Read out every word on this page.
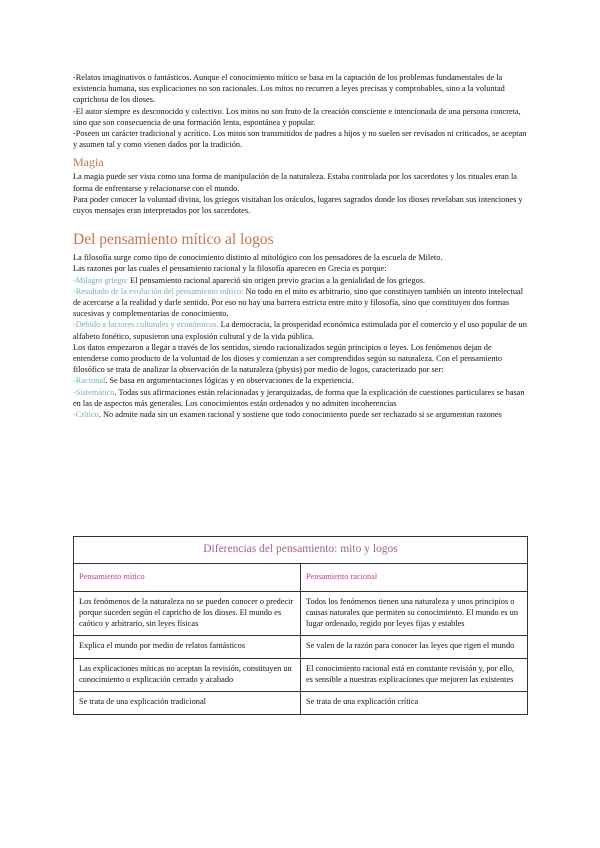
-Relatos imaginativos o fantásticos. Aunque el conocimiento mítico se basa en la captación de los problemas fundamentales de la existencia humana, sus explicaciones no son racionales. Los mitos no recurren a leyes precisas y comprobables, sino a la voluntad caprichosa de los dioses.

-El autor siempre es desconocido y colectivo. Los mitos no son fruto de la creación consciente e intencionada de una persona concreta, sino que son consecuencia de una formación lenta, espontánea y popular.

-Poseen un carácter tradicional y acrítico. Los mitos son transmitidos de padres a hijos y no suelen ser revisados ni criticados, se aceptan y asumen tal y como vienen dados por la tradición.

Magia

La magia puede ser vista como una forma de manipulación de la naturaleza. Estaba controlada por los sacerdotes y los rituales eran la forma de enfrentarse y relacionarse con el mundo.

Para poder conocer la voluntad divina, los griegos visitaban los oráculos, lugares sagrados donde los dioses revelaban sus intenciones y cuyos mensajes eran interpretados por los sacerdotes.

Del pensamiento mítico al logos

La filosofía surge como tipo de conocimiento distinto al mitológico con los pensadores de la escuela de Mileto.

Las razones por las cuales el pensamiento racional y la filosofía aparecen en Grecia es porque:

-Milagro griego: El pensamiento racional apareció sin origen previo gracias a la genialidad de los griegos.

-Resultado de la evolución del pensamiento mítico: No todo en el mito es arbitrario, sino que constituyen también un intento intelectual de acercarse a la realidad y darle sentido. Por eso no hay una barrera estricta entre mito y filosofía, sino que constituyen dos formas sucesivas y complementarias de conocimiento.

-Debido a factores culturales y económicos. La democracia, la prosperidad económica estimulada por el comercio y el uso popular de un alfabeto fonético, supusieron una explosión cultural y de la vida pública.

Los datos empezaron a llegar a través de los sentidos, siendo racionalizados según principios o leyes. Los fenómenos dejan de entenderse como producto de la voluntad de los dioses y comienzan a ser comprendidos según su naturaleza. Con el pensamiento filosófico se trata de analizar la observación de la naturaleza (physis) por medio de logos, caracterizado por ser:

-Racional. Se basa en argumentaciones lógicas y en observaciones de la experiencia.

-Sistemático. Todas sus afirmaciones están relacionadas y jerarquizadas, de forma que la explicación de cuestiones particulares se basan en las de aspectos más generales. Los conocimientos están ordenados y no admiten incoherencias

-Crítico. No admite nada sin un examen racional y sostiene que todo conocimiento puede ser rechazado si se argumentan razones

Diferencias del pensamiento: mito y logos	
Pensamiento mítico	Pensamiento racional
Los fenómenos de la naturaleza no se pueden conocer o predecir porque suceden según el capricho de los dioses. El mundo es caótico y arbitrario, sin leyes físicas	Todos los fenómenos tienen una naturaleza y unos principios o causas naturales que permiten su conocimiento. El mundo es un lugar ordenado, regido por leyes fijas y estables
Explica el mundo por medio de relatos fantásticos	Se valen de la razón para conocer las leyes que rigen el mundo
Las explicaciones míticas no aceptan la revisión, constituyen un conocimiento o explicación cerrado y acabado	El conocimiento racional está en constante revisión y, por ello, es sensible a nuestras explicaciones que mejoren las existentes
Se trata de una explicación tradicional	Se trata de una explicación crítica
